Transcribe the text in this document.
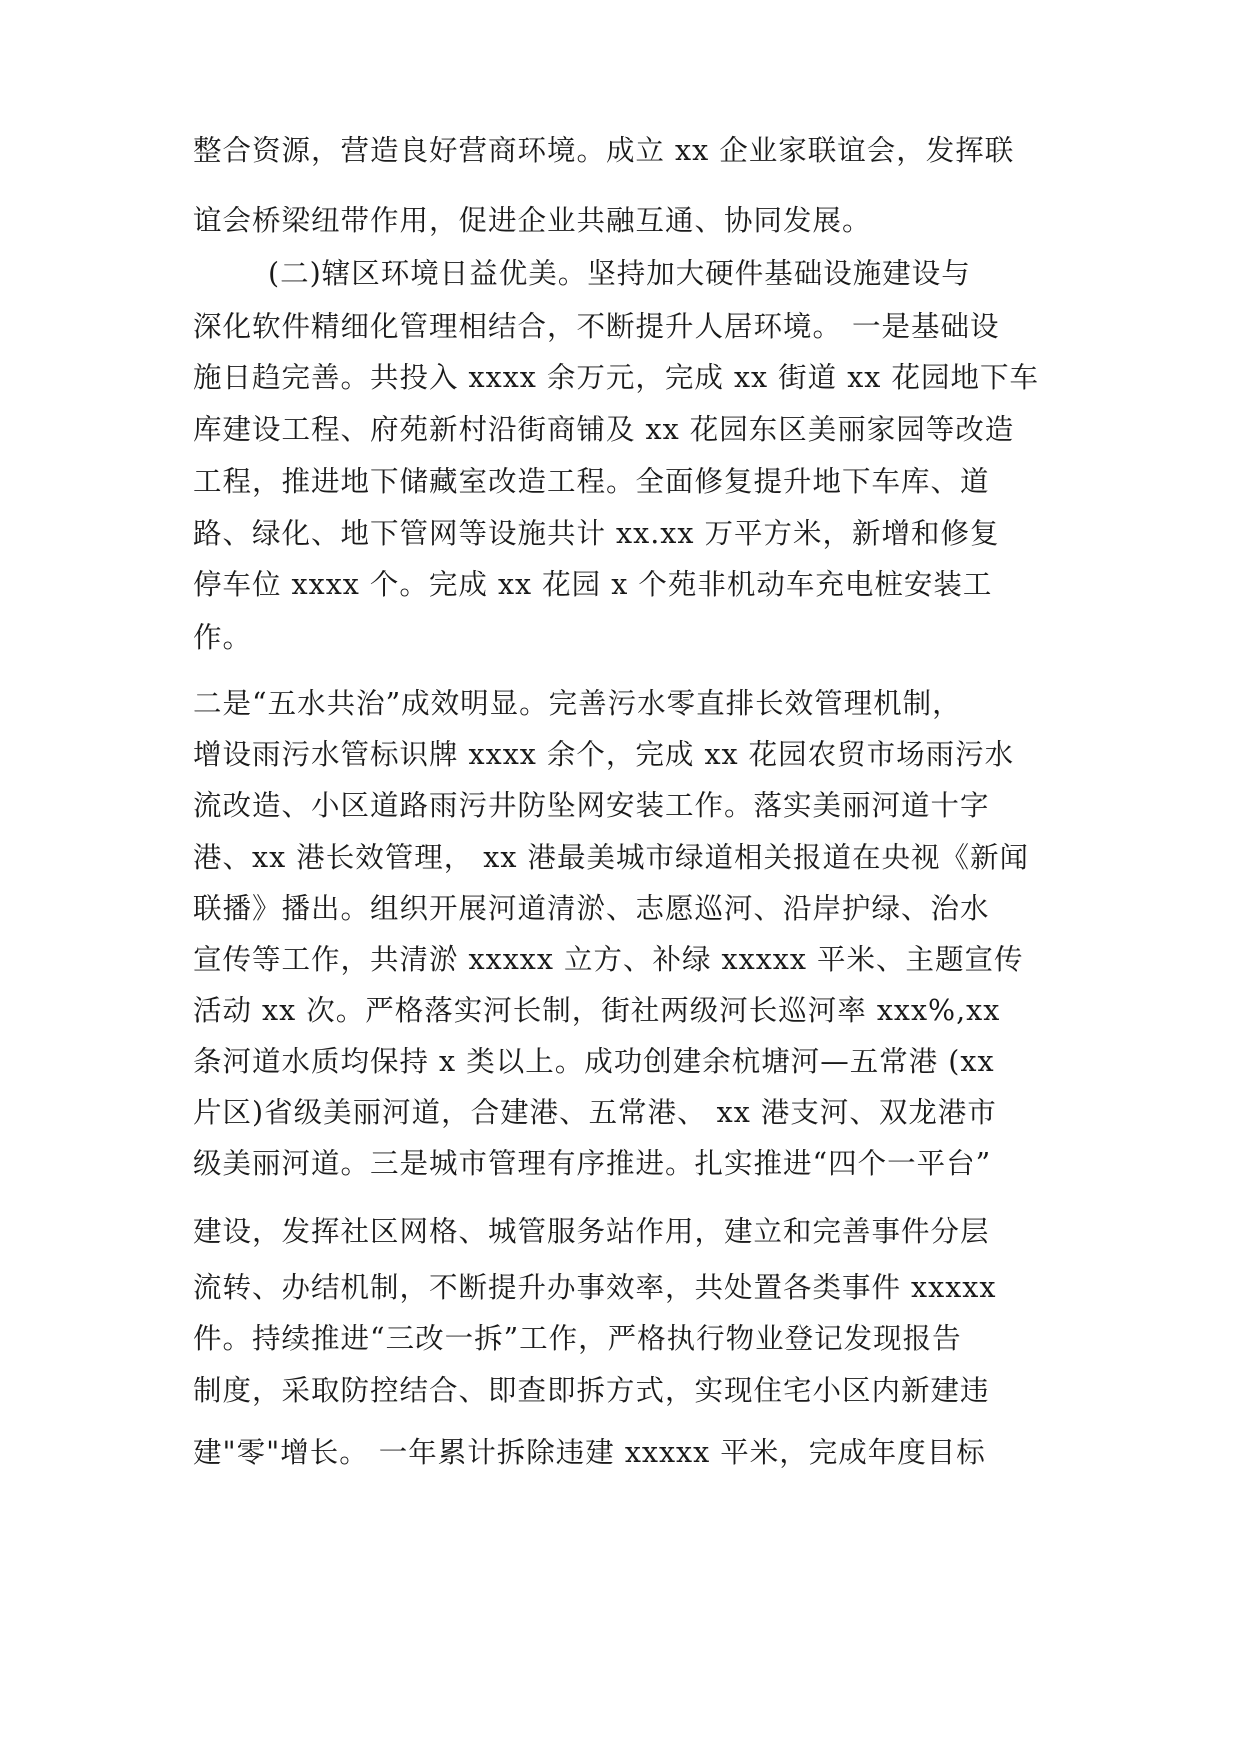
整合资源，营造良好营商环境。成立 xx 企业家联谊会，发挥联
谊会桥梁纽带作用，促进企业共融互通、协同发展。
(二)辖区环境日益优美。坚持加大硬件基础设施建设与
深化软件精细化管理相结合，不断提升人居环境。 一是基础设
施日趋完善。共投入 xxxx 余万元，完成 xx 街道 xx 花园地下车
库建设工程、府苑新村沿街商铺及 xx 花园东区美丽家园等改造
工程，推进地下储藏室改造工程。全面修复提升地下车库、道
路、绿化、地下管网等设施共计 xx.xx 万平方米，新增和修复
停车位 xxxx 个。完成 xx 花园 x 个苑非机动车充电桩安装工
作。
二是“五水共治”成效明显。完善污水零直排长效管理机制，
增设雨污水管标识牌 xxxx 余个，完成 xx 花园农贸市场雨污水
流改造、小区道路雨污井防坠网安装工作。落实美丽河道十字
港、xx 港长效管理， xx 港最美城市绿道相关报道在央视《新闻
联播》播出。组织开展河道清淤、志愿巡河、沿岸护绿、治水
宣传等工作，共清淤 xxxxx 立方、补绿 xxxxx 平米、主题宣传
活动 xx 次。严格落实河长制，街社两级河长巡河率 xxx%,xx
条河道水质均保持 x 类以上。成功创建余杭塘河—五常港 (xx
片区)省级美丽河道，合建港、五常港、 xx 港支河、双龙港市
级美丽河道。三是城市管理有序推进。扎实推进“四个一平台”
建设，发挥社区网格、城管服务站作用，建立和完善事件分层
流转、办结机制，不断提升办事效率，共处置各类事件 xxxxx
件。持续推进“三改一拆”工作，严格执行物业登记发现报告
制度，采取防控结合、即查即拆方式，实现住宅小区内新建违
建"零"增长。 一年累计拆除违建 xxxxx 平米，完成年度目标
